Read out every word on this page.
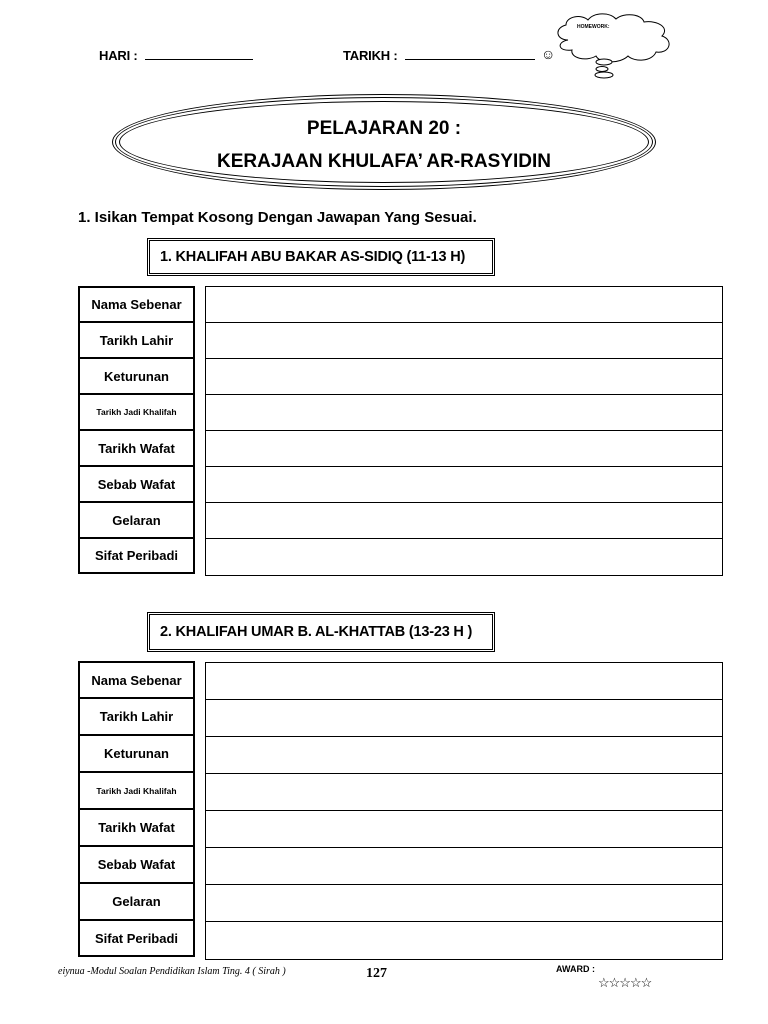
HARI :	TARIKH :	☺
HOMEWORK:
PELAJARAN 20 :
KERAJAAN KHULAFA’ AR-RASYIDIN
1. Isikan Tempat Kosong Dengan Jawapan Yang Sesuai.
1. KHALIFAH ABU BAKAR AS-SIDIQ (11-13 H)
Nama Sebenar
Tarikh Lahir
Keturunan
Tarikh Jadi Khalifah
Tarikh Wafat
Sebab Wafat
Gelaran
Sifat Peribadi
2. KHALIFAH UMAR B. AL-KHATTAB (13-23 H )
Nama Sebenar
Tarikh Lahir
Keturunan
Tarikh Jadi Khalifah
Tarikh Wafat
Sebab Wafat
Gelaran
Sifat Peribadi
eiynua -Modul Soalan Pendidikan Islam Ting. 4 ( Sirah )	127	AWARD :
☆☆☆☆☆
